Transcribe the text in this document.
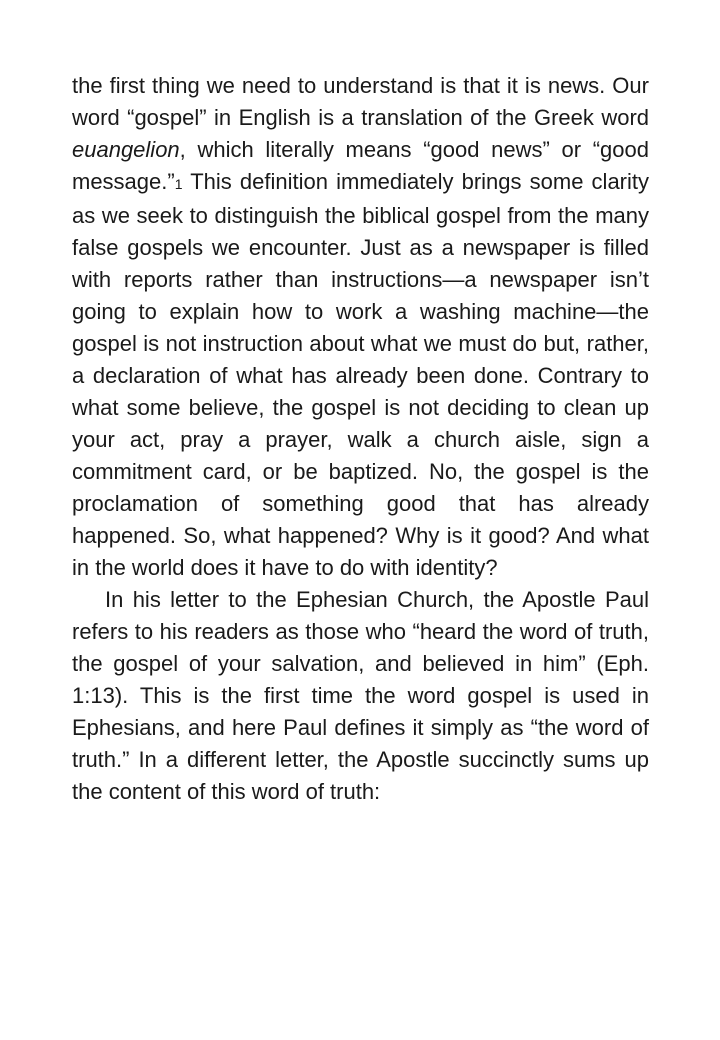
the first thing we need to understand is that it is news. Our word “gospel” in English is a translation of the Greek word euangelion, which literally means “good news” or “good message.”1 This definition immediately brings some clarity as we seek to distinguish the biblical gospel from the many false gospels we encounter. Just as a newspaper is filled with reports rather than instructions—a newspaper isn’t going to explain how to work a washing machine—the gospel is not instruction about what we must do but, rather, a declaration of what has already been done. Contrary to what some believe, the gospel is not deciding to clean up your act, pray a prayer, walk a church aisle, sign a commitment card, or be baptized. No, the gospel is the proclamation of something good that has already happened. So, what happened? Why is it good? And what in the world does it have to do with identity?

In his letter to the Ephesian Church, the Apostle Paul refers to his readers as those who “heard the word of truth, the gospel of your salvation, and believed in him” (Eph. 1:13). This is the first time the word gospel is used in Ephesians, and here Paul defines it simply as “the word of truth.” In a different letter, the Apostle succinctly sums up the content of this word of truth:
